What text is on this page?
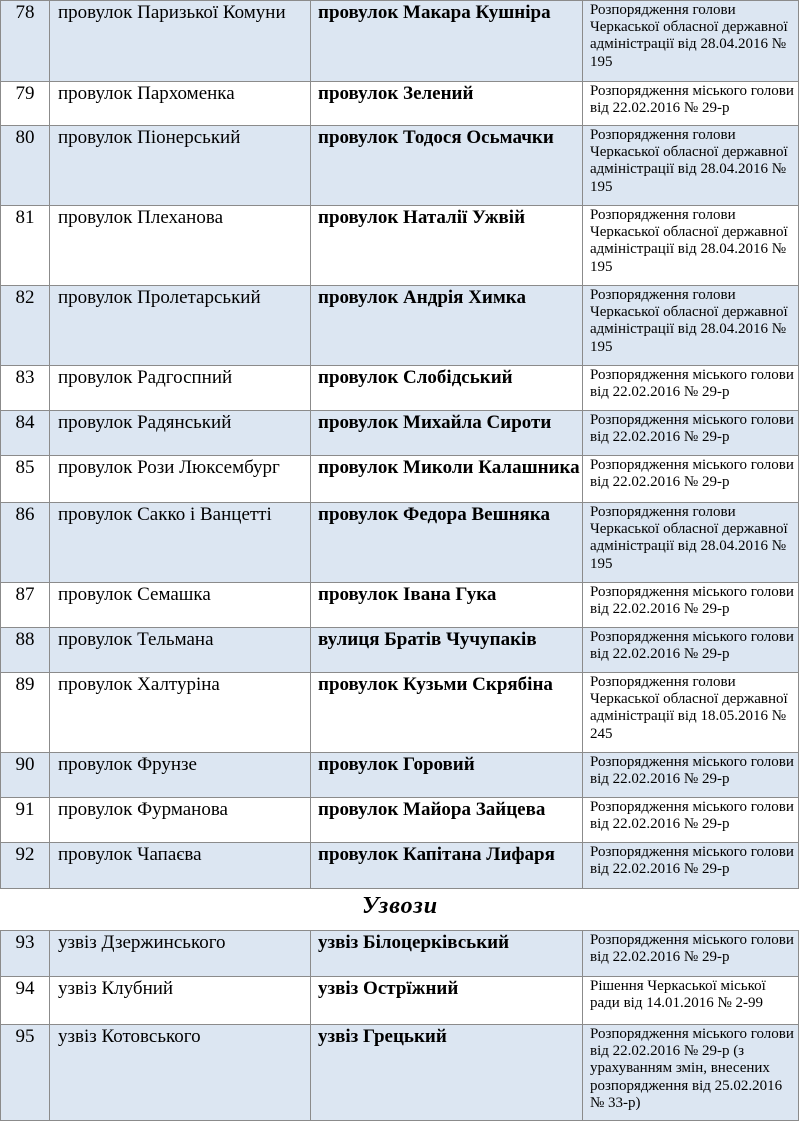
78	провулок Паризької Комуни	провулок Макара Кушніра	Розпорядження голови Черкаської обласної державної адміністрації від 28.04.2016 № 195
79	провулок Пархоменка	провулок Зелений	Розпорядження міського голови від 22.02.2016 № 29-р
80	провулок Піонерський	провулок Тодося Осьмачки	Розпорядження голови Черкаської обласної державної адміністрації від 28.04.2016 № 195
81	провулок Плеханова	провулок Наталії Ужвій	Розпорядження голови Черкаської обласної державної адміністрації від 28.04.2016 № 195
82	провулок Пролетарський	провулок Андрія Химка	Розпорядження голови Черкаської обласної державної адміністрації від 28.04.2016 № 195
83	провулок Радгоспний	провулок Слобідський	Розпорядження міського голови від 22.02.2016 № 29-р
84	провулок Радянський	провулок Михайла Сироти	Розпорядження міського голови від 22.02.2016 № 29-р
85	провулок Рози Люксембург	провулок Миколи Калашника	Розпорядження міського голови від 22.02.2016 № 29-р
86	провулок Сакко і Ванцетті	провулок Федора Вешняка	Розпорядження голови Черкаської обласної державної адміністрації від 28.04.2016 № 195
87	провулок Семашка	провулок Івана Гука	Розпорядження міського голови від 22.02.2016 № 29-р
88	провулок Тельмана	вулиця Братів Чучупаків	Розпорядження міського голови від 22.02.2016 № 29-р
89	провулок Халтуріна	провулок Кузьми Скрябіна	Розпорядження голови Черкаської обласної державної адміністрації від 18.05.2016 № 245
90	провулок Фрунзе	провулок Горовий	Розпорядження міського голови від 22.02.2016 № 29-р
91	провулок Фурманова	провулок Майора Зайцева	Розпорядження міського голови від 22.02.2016 № 29-р
92	провулок Чапаєва	провулок Капітана Лифаря	Розпорядження міського голови від 22.02.2016 № 29-р
Узвози
93	узвіз Дзержинського	узвіз Білоцерківський	Розпорядження міського голови від 22.02.2016 № 29-р
94	узвіз Клубний	узвіз Острїжний	Рішення Черкаської міської ради від 14.01.2016 № 2-99
95	узвіз Котовського	узвіз Грецький	Розпорядження міського голови від 22.02.2016 № 29-р (з урахуванням змін, внесених розпорядження від 25.02.2016 № 33-р)
